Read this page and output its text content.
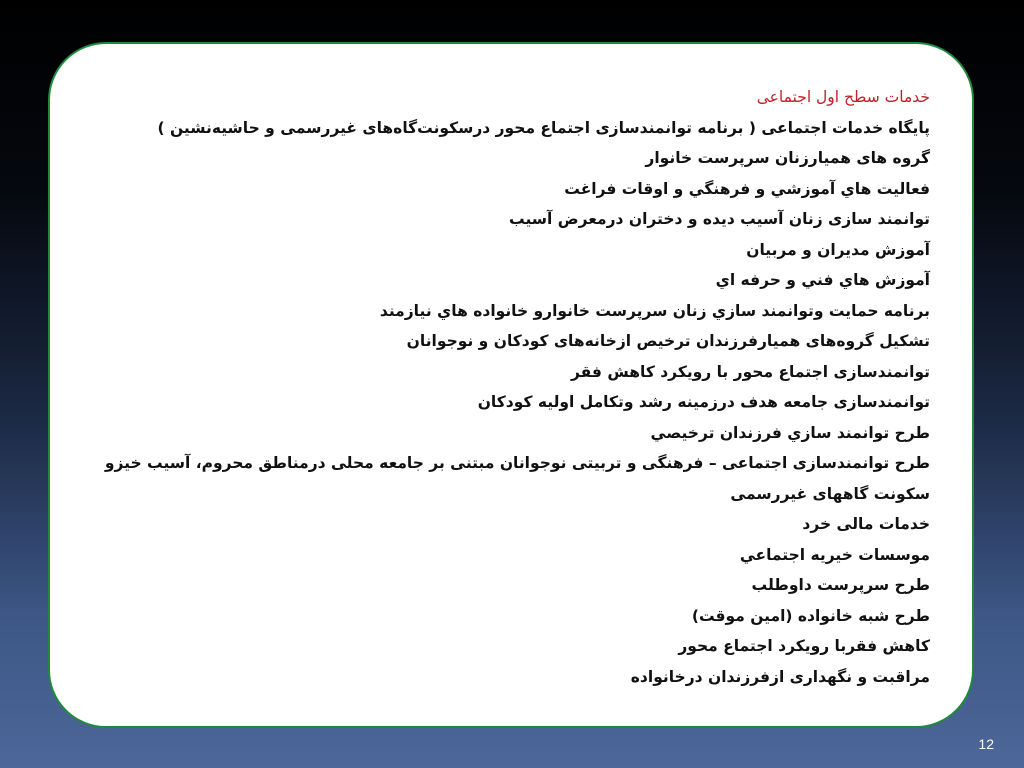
خدمات سطح اول اجتماعی
پایگاه خدمات اجتماعی ( برنامه توانمندسازی اجتماع محور درسکونت‌گاه‌های غیررسمی و حاشیه‌نشین )
گروه های همیارزنان سرپرست خانوار
فعاليت هاي آموزشي و فرهنگي و اوقات فراغت
توانمند سازی زنان آسیب دیده و دختران درمعرض آسیب
آموزش مدیران و مربیان
آموزش هاي فني و حرفه اي
برنامه حمايت وتوانمند سازي زنان سرپرست خانوارو خانواده هاي نيازمند
تشکیل گروه‌های همیارفرزندان ترخیص ازخانه‌های کودکان و نوجوانان
توانمندسازی اجتماع محور با رویکرد کاهش فقر
توانمندسازی جامعه هدف درزمینه رشد وتکامل اولیه کودکان
طرح توانمند سازي فرزندان ترخيصي
طرح توانمندسازی اجتماعی – فرهنگی و تربیتی نوجوانان مبتنی بر جامعه محلی درمناطق محروم، آسیب خیزو
سکونت گاههای غیررسمی
خدمات مالی خرد
موسسات خيريه اجتماعي
طرح سرپرست داوطلب
طرح شبه خانواده (امین موقت)
کاهش فقربا رویکرد اجتماع محور
مراقبت و نگهداری ازفرزندان درخانواده
12
